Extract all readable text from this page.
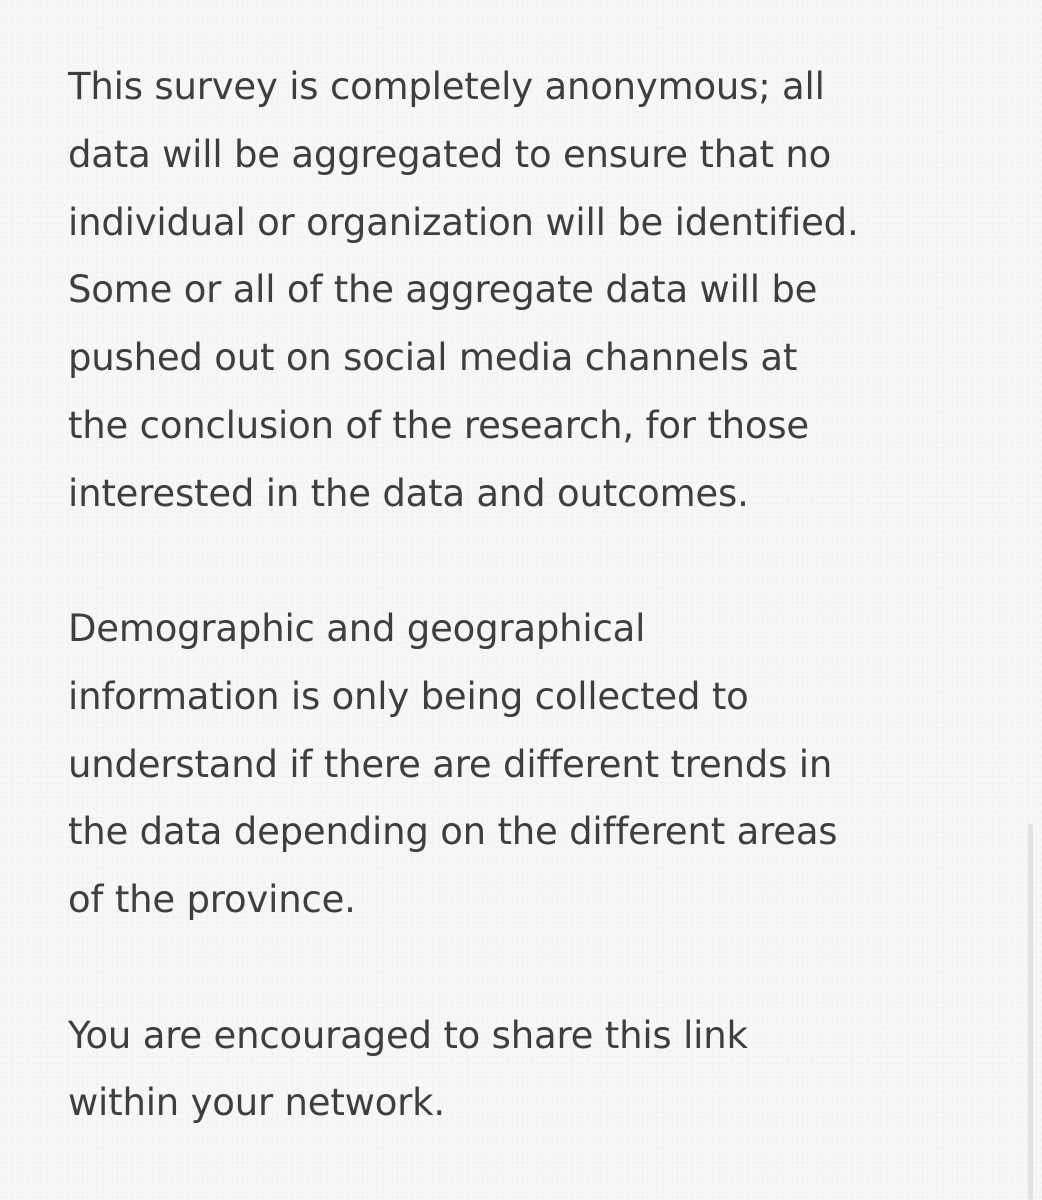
This survey is completely anonymous; all
data will be aggregated to ensure that no
individual or organization will be identified.
Some or all of the aggregate data will be
pushed out on social media channels at
the conclusion of the research, for those
interested in the data and outcomes.

Demographic and geographical
information is only being collected to
understand if there are different trends in
the data depending on the different areas
of the province.

You are encouraged to share this link
within your network.
